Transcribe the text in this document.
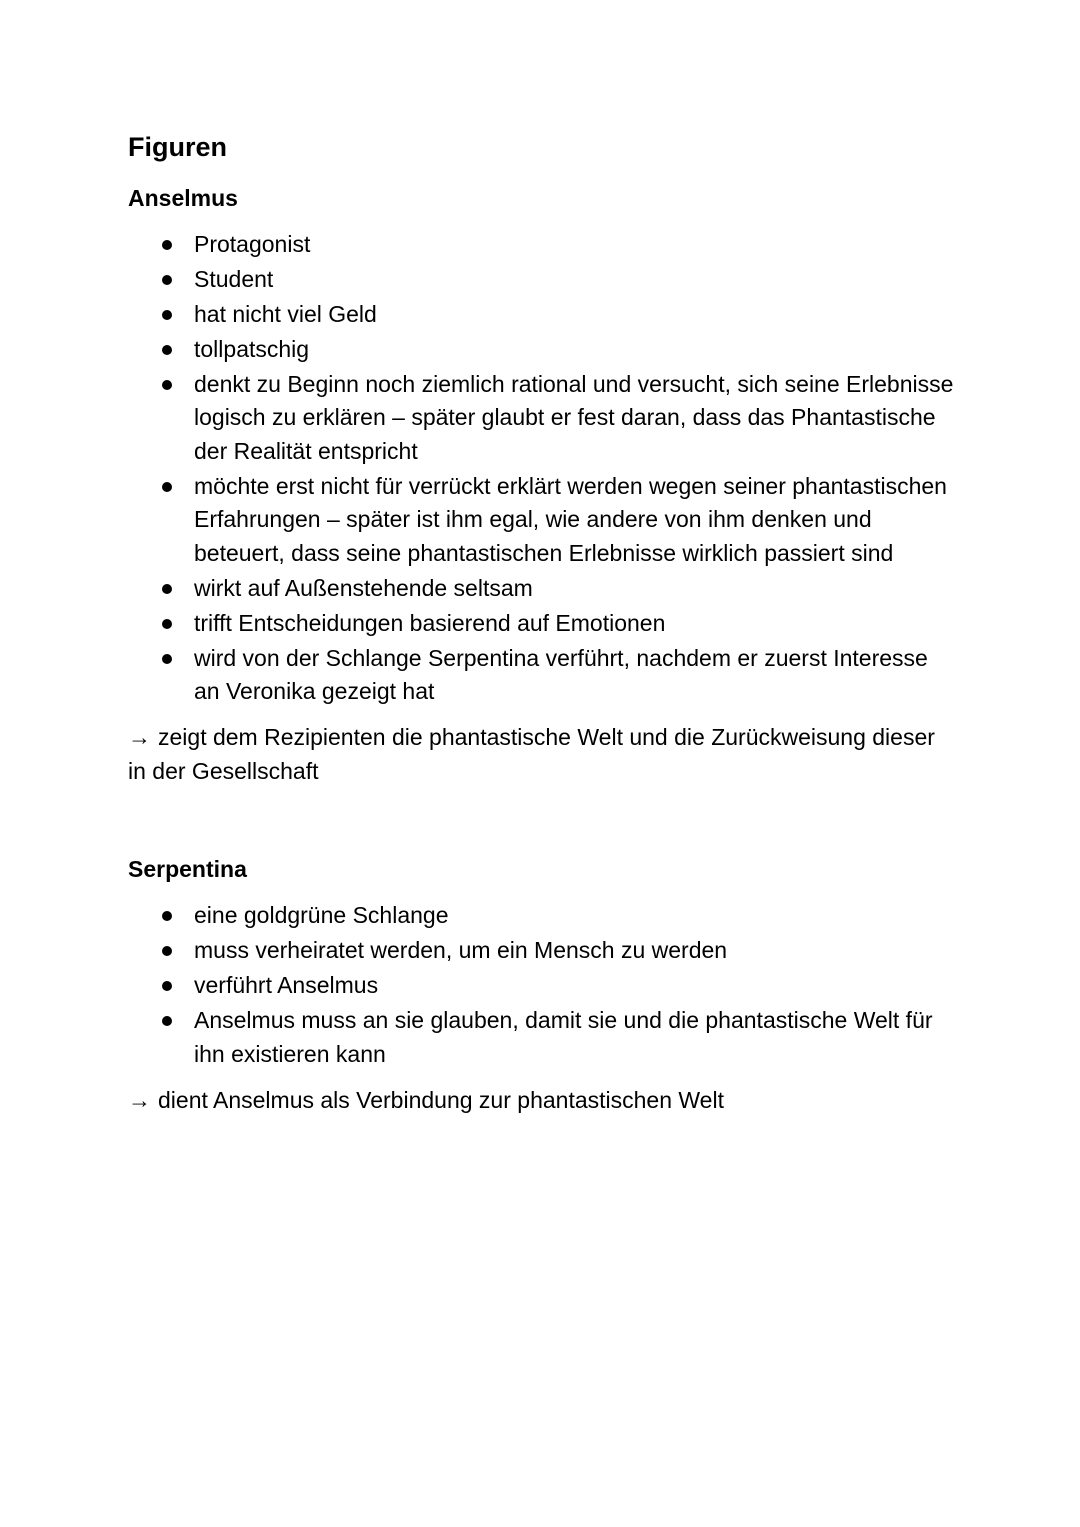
Figuren
Anselmus
Protagonist
Student
hat nicht viel Geld
tollpatschig
denkt zu Beginn noch ziemlich rational und versucht, sich seine Erlebnisse logisch zu erklären – später glaubt er fest daran, dass das Phantastische der Realität entspricht
möchte erst nicht für verrückt erklärt werden wegen seiner phantastischen Erfahrungen – später ist ihm egal, wie andere von ihm denken und beteuert, dass seine phantastischen Erlebnisse wirklich passiert sind
wirkt auf Außenstehende seltsam
trifft Entscheidungen basierend auf Emotionen
wird von der Schlange Serpentina verführt, nachdem er zuerst Interesse an Veronika gezeigt hat

→ zeigt dem Rezipienten die phantastische Welt und die Zurückweisung dieser in der Gesellschaft

Serpentina
eine goldgrüne Schlange
muss verheiratet werden, um ein Mensch zu werden
verführt Anselmus
Anselmus muss an sie glauben, damit sie und die phantastische Welt für ihn existieren kann

→ dient Anselmus als Verbindung zur phantastischen Welt
